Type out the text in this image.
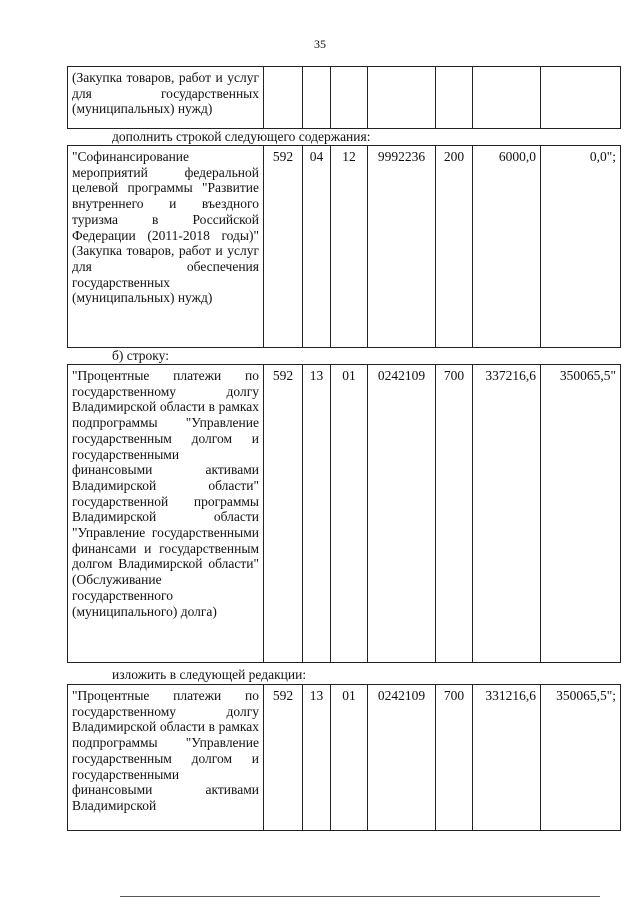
35
(Закупка товаров, работ и услуг для государственных (муниципальных) нужд)							
дополнить строкой следующего содержания:
"Софинансирование мероприятий федеральной целевой программы "Развитие внутреннего и въездного туризма в Российской Федерации (2011-2018 годы)" (Закупка товаров, работ и услуг для обеспечения государственных (муниципальных) нужд)	592	04	12	9992236	200	6000,0	0,0";
б) строку:
"Процентные платежи по государственному долгу Владимирской области в рамках подпрограммы "Управление государственным долгом и государственными финансовыми активами Владимирской области" государственной программы Владимирской области "Управление государственными финансами и государственным долгом Владимирской области" (Обслуживание государственного (муниципального) долга)	592	13	01	0242109	700	337216,6	350065,5"
изложить в следующей редакции:
"Процентные платежи по государственному долгу Владимирской области в рамках подпрограммы "Управление государственным долгом и государственными финансовыми активами Владимирской	592	13	01	0242109	700	331216,6	350065,5";
